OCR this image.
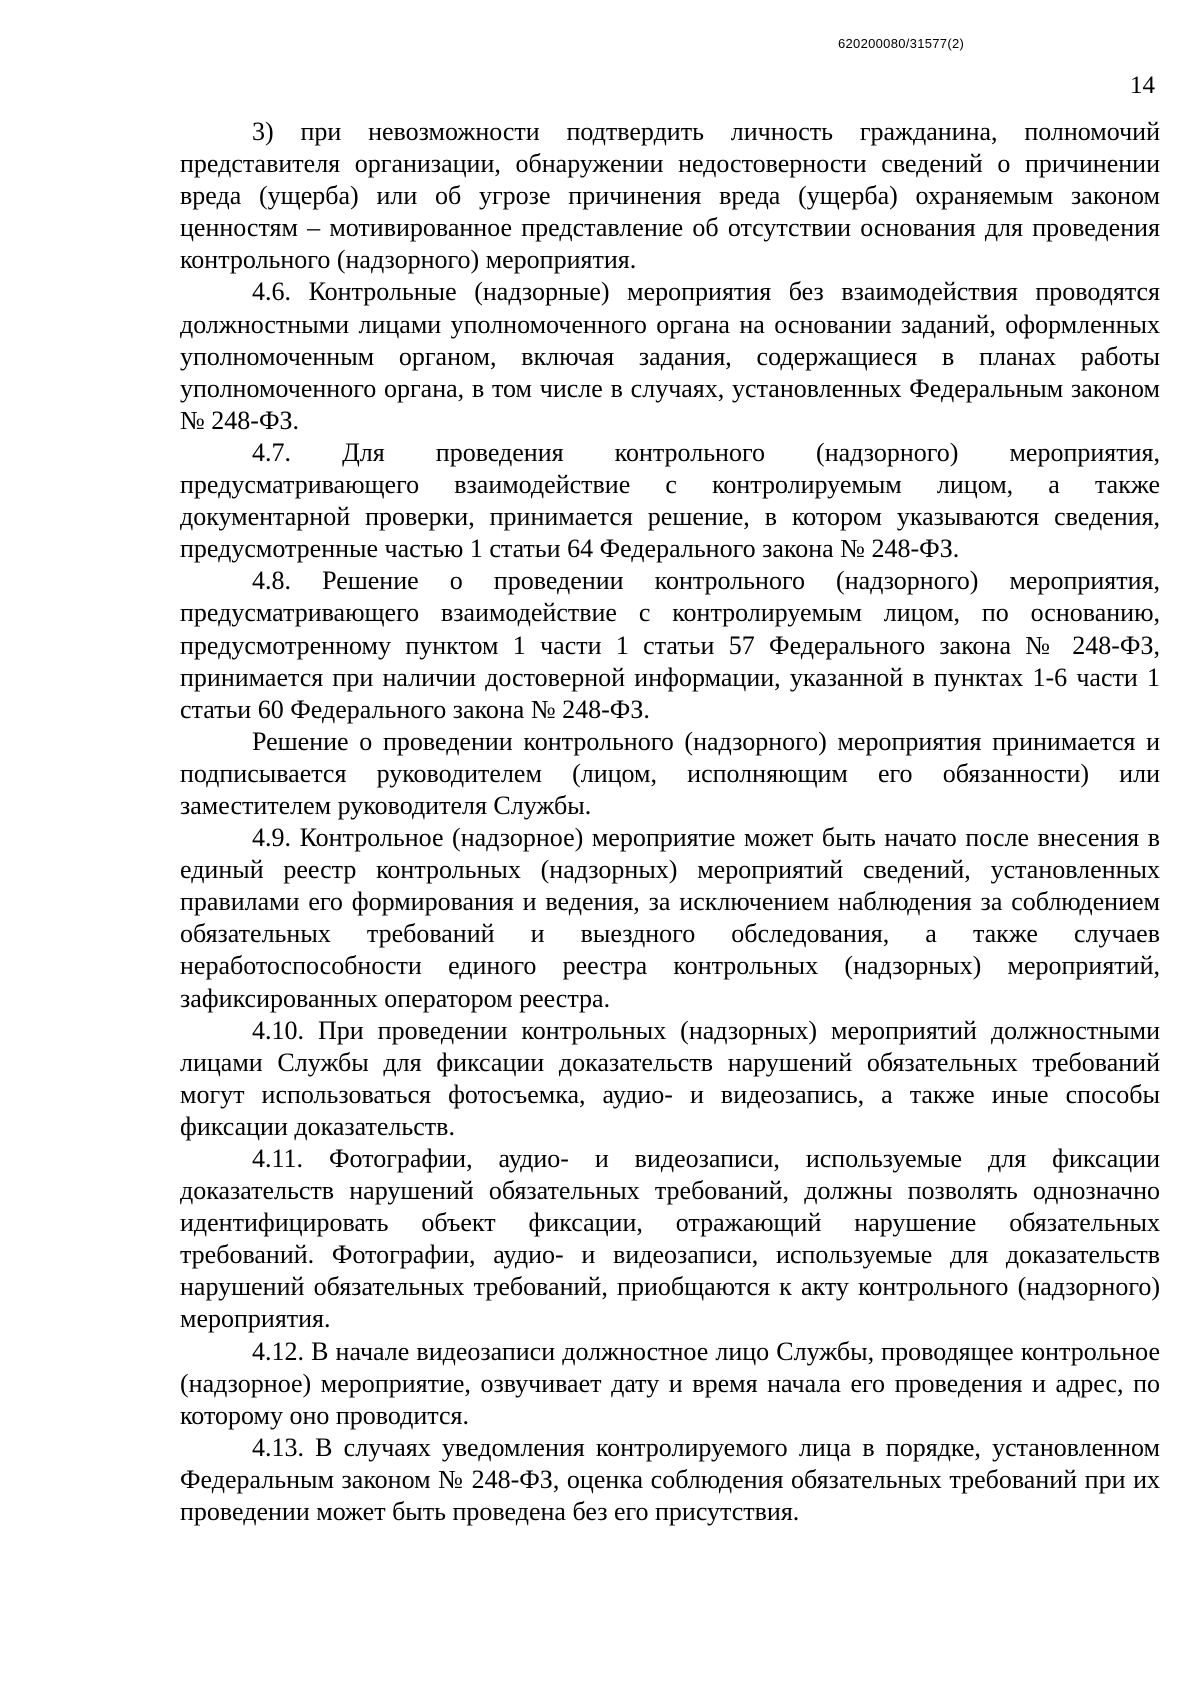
620200080/31577(2)
14

3) при невозможности подтвердить личность гражданина, полномочий представителя организации, обнаружении недостоверности сведений о причинении вреда (ущерба) или об угрозе причинения вреда (ущерба) охраняемым законом ценностям – мотивированное представление об отсутствии основания для проведения контрольного (надзорного) мероприятия.

4.6. Контрольные (надзорные) мероприятия без взаимодействия проводятся должностными лицами уполномоченного органа на основании заданий, оформленных уполномоченным органом, включая задания, содержащиеся в планах работы уполномоченного органа, в том числе в случаях, установленных Федеральным законом № 248-ФЗ.

4.7. Для проведения контрольного (надзорного) мероприятия, предусматривающего взаимодействие с контролируемым лицом, а также документарной проверки, принимается решение, в котором указываются сведения, предусмотренные частью 1 статьи 64 Федерального закона № 248-ФЗ.

4.8. Решение о проведении контрольного (надзорного) мероприятия, предусматривающего взаимодействие с контролируемым лицом, по основанию, предусмотренному пунктом 1 части 1 статьи 57 Федерального закона № 248-ФЗ, принимается при наличии достоверной информации, указанной в пунктах 1-6 части 1 статьи 60 Федерального закона № 248-ФЗ.

Решение о проведении контрольного (надзорного) мероприятия принимается и подписывается руководителем (лицом, исполняющим его обязанности) или заместителем руководителя Службы.

4.9. Контрольное (надзорное) мероприятие может быть начато после внесения в единый реестр контрольных (надзорных) мероприятий сведений, установленных правилами его формирования и ведения, за исключением наблюдения за соблюдением обязательных требований и выездного обследования, а также случаев неработоспособности единого реестра контрольных (надзорных) мероприятий, зафиксированных оператором реестра.

4.10. При проведении контрольных (надзорных) мероприятий должностными лицами Службы для фиксации доказательств нарушений обязательных требований могут использоваться фотосъемка, аудио- и видеозапись, а также иные способы фиксации доказательств.

4.11. Фотографии, аудио- и видеозаписи, используемые для фиксации доказательств нарушений обязательных требований, должны позволять однозначно идентифицировать объект фиксации, отражающий нарушение обязательных требований. Фотографии, аудио- и видеозаписи, используемые для доказательств нарушений обязательных требований, приобщаются к акту контрольного (надзорного) мероприятия.

4.12. В начале видеозаписи должностное лицо Службы, проводящее контрольное (надзорное) мероприятие, озвучивает дату и время начала его проведения и адрес, по которому оно проводится.

4.13. В случаях уведомления контролируемого лица в порядке, установленном Федеральным законом № 248-ФЗ, оценка соблюдения обязательных требований при их проведении может быть проведена без его присутствия.
